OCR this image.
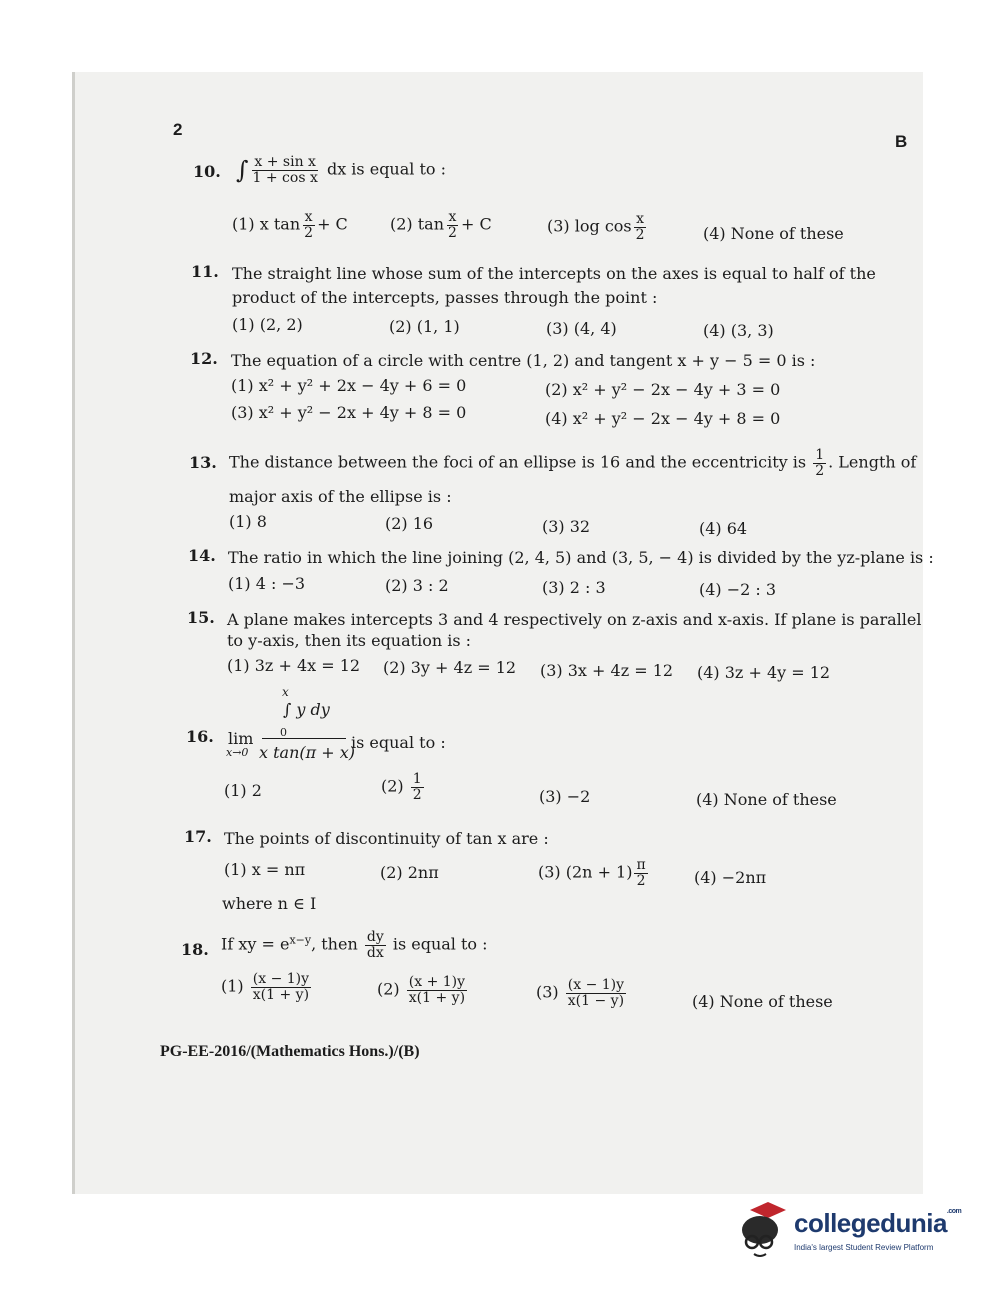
2
B
10. ∫ $\frac{\text{x + sin x}}{\text{1 + cos x}}$ dx is equal to :
(1) x $\tan \frac{x}{2} + C$	(2) $\tan \frac{x}{2} + C$	(3) $\log \cos \frac{x}{2}$	(4) None of these
11. The straight line whose sum of the intercepts on the axes is equal to half of the
product of the intercepts, passes through the point :
(1) (2, 2)	(2) (1, 1)	(3) (4, 4)	(4) (3, 3)
12. The equation of a circle with centre (1, 2) and tangent x + y − 5 = 0 is :
(1) x² + y² + 2x − 4y + 6 = 0	(2) x² + y² − 2x − 4y + 3 = 0
(3) x² + y² − 2x + 4y + 8 = 0	(4) x² + y² − 2x − 4y + 8 = 0
13. The distance between the foci of an ellipse is 16 and the eccentricity is $\frac{1}{2}$ . Length of
major axis of the ellipse is :
(1) 8	(2) 16	(3) 32	(4) 64
14. The ratio in which the line joining (2, 4, 5) and (3, 5, − 4) is divided by the yz-plane is :
(1) 4 : −3	(2) 3 : 2	(3) 2 : 3	(4) −2 : 3
15. A plane makes intercepts 3 and 4 respectively on z-axis and x-axis. If plane is parallel
to y-axis, then its equation is :
(1) 3z + 4x = 12 (2) 3y + 4z = 12 (3) 3x + 4z = 12 (4) 3z + 4y = 12
16.
x
∫ y dy
0
lim
x→0 x tan(π + x)
is equal to :
(1) 2	$(2) \frac{1}{2}$	(3) −2	(4) None of these
17. The points of discontinuity of tan x are :
(1) x = nπ	(2) 2nπ	(3) $(2n + 1) \frac{\pi}{2}$	(4) −2nπ
where n ∈ I
18. If xy = $e^{x-y}$, then $\frac{dy}{dx}$ is equal to :
$(1) \frac{(x - 1)y}{x(1 + y)}$	$(2) \frac{(x + 1)y}{x(1 + y)}$	$(3) \frac{(x - 1)y}{x(1 - y)}$	(4) None of these
PG-EE-2016/(Mathematics Hons.)/(B)
collegedunia$^{.com}$
India's largest Student Review Platform
